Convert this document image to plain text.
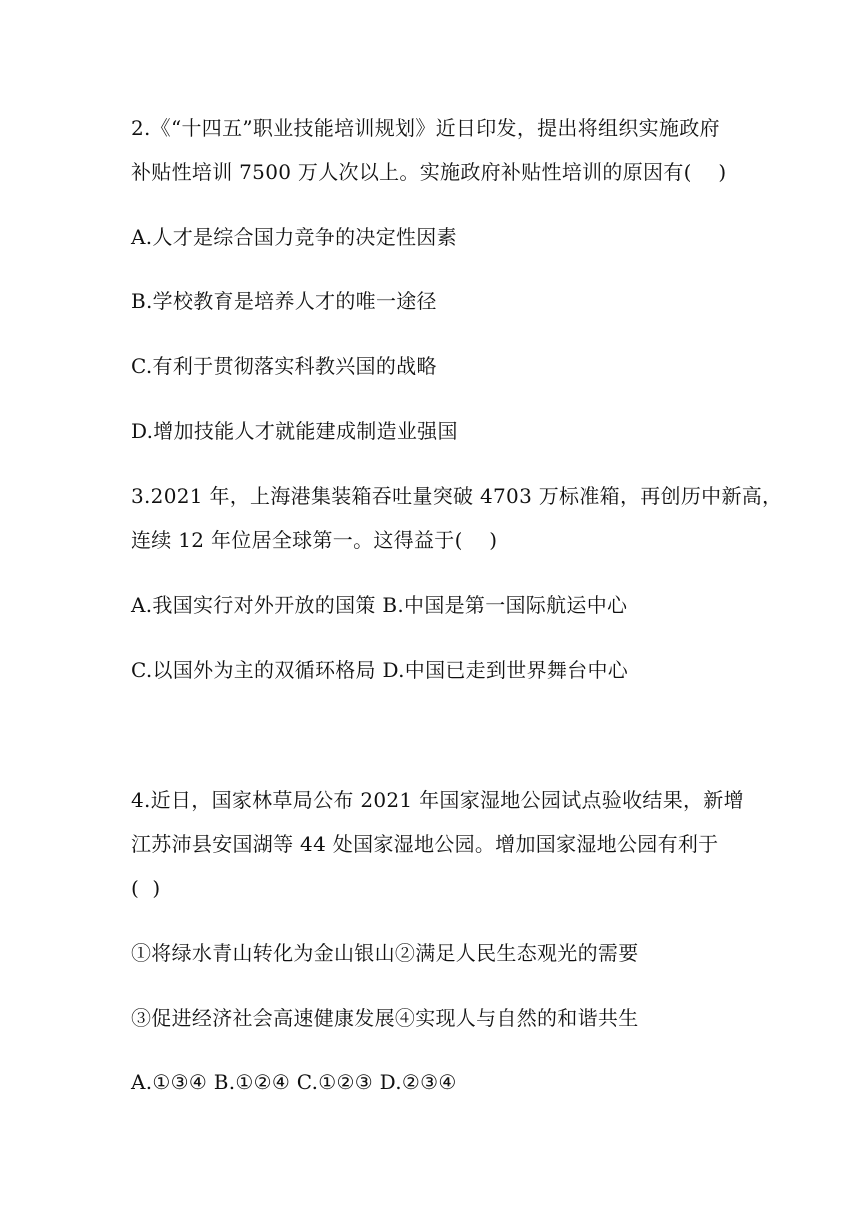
2.《“十四五”职业技能培训规划》近日印发，提出将组织实施政府
补贴性培训 7500 万人次以上。实施政府补贴性培训的原因有(    )
A.人才是综合国力竞争的决定性因素
B.学校教育是培养人才的唯一途径
C.有利于贯彻落实科教兴国的战略
D.增加技能人才就能建成制造业强国
3.2021 年，上海港集装箱吞吐量突破 4703 万标准箱，再创历中新高，
连续 12 年位居全球第一。这得益于(    )
A.我国实行对外开放的国策 B.中国是第一国际航运中心
C.以国外为主的双循环格局 D.中国已走到世界舞台中心
4.近日，国家林草局公布 2021 年国家湿地公园试点验收结果，新增
江苏沛县安国湖等 44 处国家湿地公园。增加国家湿地公园有利于
(  )
①将绿水青山转化为金山银山②满足人民生态观光的需要
③促进经济社会高速健康发展④实现人与自然的和谐共生
A.①③④ B.①②④ C.①②③ D.②③④
